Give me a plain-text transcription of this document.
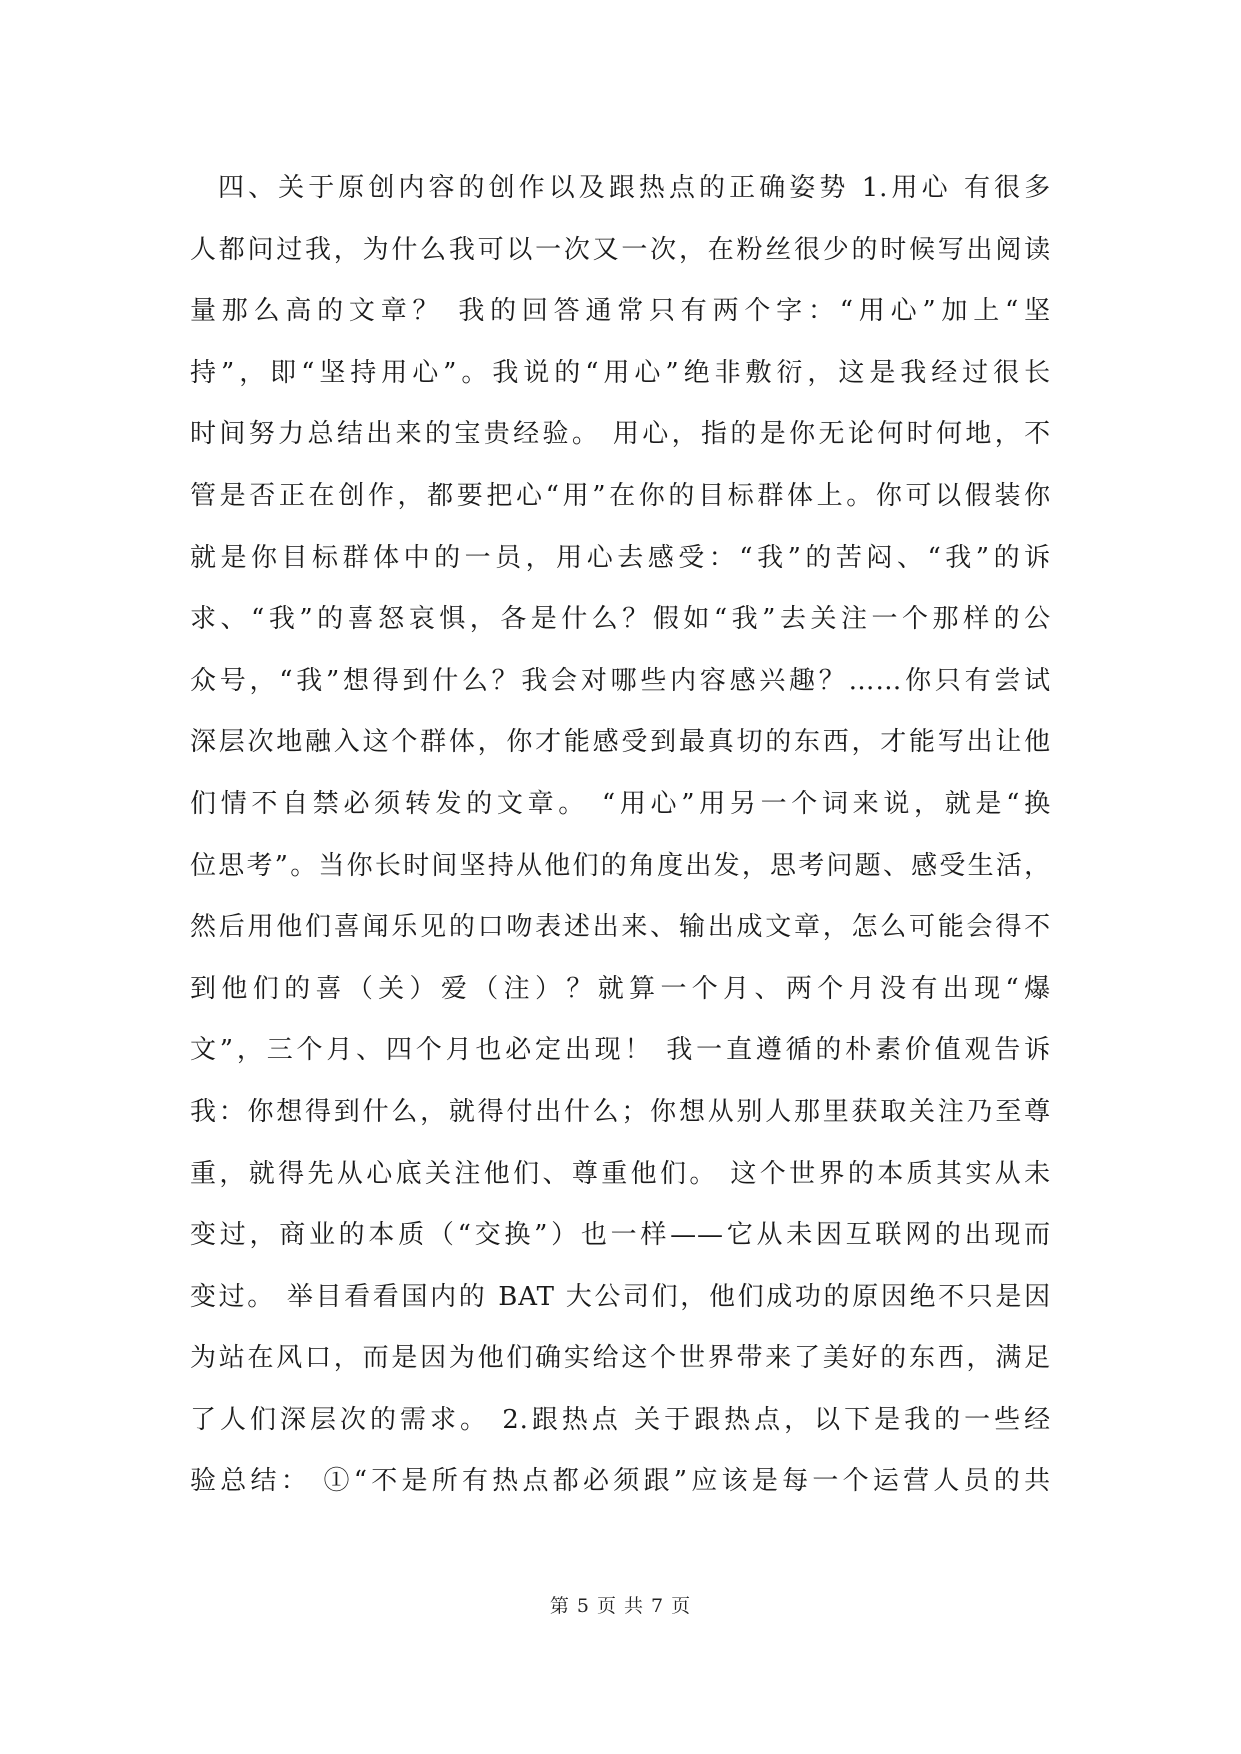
四、关于原创内容的创作以及跟热点的正确姿势 1.用心 有很多
人都问过我，为什么我可以一次又一次，在粉丝很少的时候写出阅读
量那么高的文章？ 我的回答通常只有两个字：“用心”加上“坚
持”，即“坚持用心”。我说的“用心”绝非敷衍，这是我经过很长
时间努力总结出来的宝贵经验。 用心，指的是你无论何时何地，不
管是否正在创作，都要把心“用”在你的目标群体上。你可以假装你
就是你目标群体中的一员，用心去感受：“我”的苦闷、“我”的诉
求、“我”的喜怒哀惧，各是什么？假如“我”去关注一个那样的公
众号，“我”想得到什么？我会对哪些内容感兴趣？……你只有尝试
深层次地融入这个群体，你才能感受到最真切的东西，才能写出让他
们情不自禁必须转发的文章。 “用心”用另一个词来说，就是“换
位思考”。当你长时间坚持从他们的角度出发，思考问题、感受生活，
然后用他们喜闻乐见的口吻表述出来、输出成文章，怎么可能会得不
到他们的喜（关）爱（注）？就算一个月、两个月没有出现“爆
文”，三个月、四个月也必定出现！ 我一直遵循的朴素价值观告诉
我：你想得到什么，就得付出什么；你想从别人那里获取关注乃至尊
重，就得先从心底关注他们、尊重他们。 这个世界的本质其实从未
变过，商业的本质（“交换”）也一样——它从未因互联网的出现而
变过。 举目看看国内的 BAT 大公司们，他们成功的原因绝不只是因
为站在风口，而是因为他们确实给这个世界带来了美好的东西，满足
了人们深层次的需求。 2.跟热点 关于跟热点，以下是我的一些经
验总结： ①“不是所有热点都必须跟”应该是每一个运营人员的共
第 5 页 共 7 页
